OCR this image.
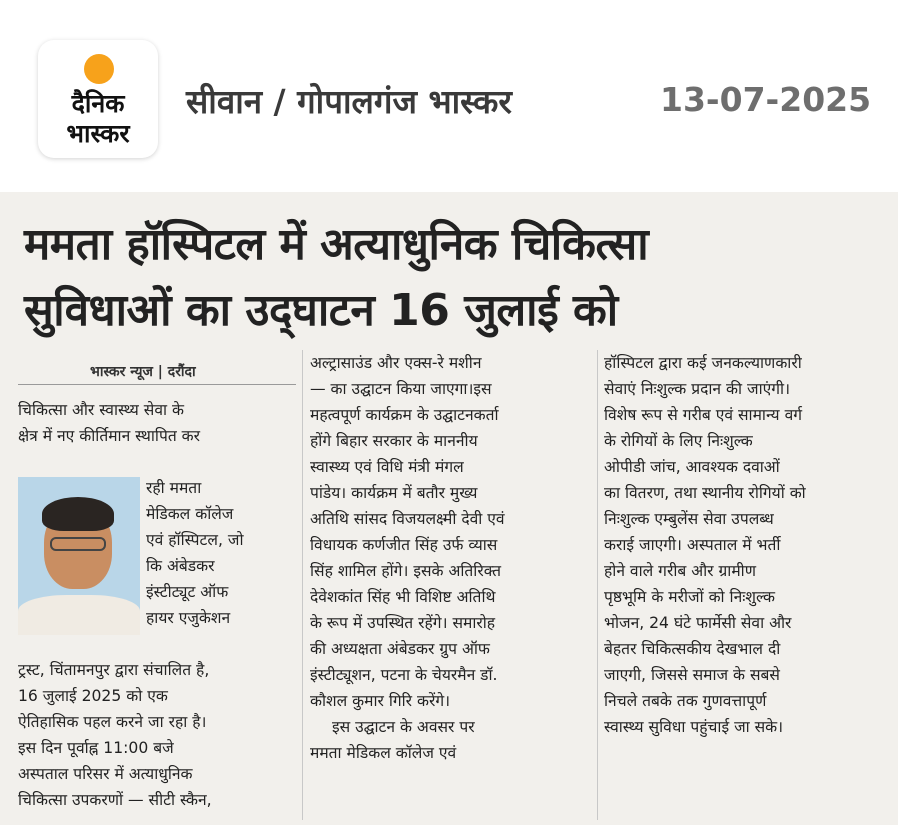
दैनिक
भास्कर
सीवान / गोपालगंज भास्कर	13-07-2025
ममता हॉस्पिटल में अत्याधुनिक चिकित्सा
सुविधाओं का उद्‌घाटन 16 जुलाई को
भास्कर न्यूज | दरौंदा
चिकित्सा और स्वास्थ्य सेवा के
क्षेत्र में नए कीर्तिमान स्थापित कर
रही ममता
मेडिकल कॉलेज
एवं हॉस्पिटल, जो
कि अंबेडकर
इंस्टीट्यूट ऑफ
हायर एजुकेशन
ट्रस्ट, चिंतामनपुर द्वारा संचालित है,
16 जुलाई 2025 को एक
ऐतिहासिक पहल करने जा रहा है।
इस दिन पूर्वाह्न 11:00 बजे
अस्पताल परिसर में अत्याधुनिक
चिकित्सा उपकरणों — सीटी स्कैन,
अल्ट्रासाउंड और एक्स-रे मशीन
— का उद्घाटन किया जाएगा।इस
महत्वपूर्ण कार्यक्रम के उद्घाटनकर्ता
होंगे बिहार सरकार के माननीय
स्वास्थ्य एवं विधि मंत्री मंगल
पांडेय। कार्यक्रम में बतौर मुख्य
अतिथि सांसद विजयलक्ष्मी देवी एवं
विधायक कर्णजीत सिंह उर्फ व्यास
सिंह शामिल होंगे। इसके अतिरिक्त
देवेशकांत सिंह भी विशिष्ट अतिथि
के रूप में उपस्थित रहेंगे। समारोह
की अध्यक्षता अंबेडकर ग्रुप ऑफ
इंस्टीट्यूशन, पटना के चेयरमैन डॉ.
कौशल कुमार गिरि करेंगे।
इस उद्घाटन के अवसर पर
ममता मेडिकल कॉलेज एवं
हॉस्पिटल द्वारा कई जनकल्याणकारी
सेवाएं निःशुल्क प्रदान की जाएंगी।
विशेष रूप से गरीब एवं सामान्य वर्ग
के रोगियों के लिए निःशुल्क
ओपीडी जांच, आवश्यक दवाओं
का वितरण, तथा स्थानीय रोगियों को
निःशुल्क एम्बुलेंस सेवा उपलब्ध
कराई जाएगी। अस्पताल में भर्ती
होने वाले गरीब और ग्रामीण
पृष्ठभूमि के मरीजों को निःशुल्क
भोजन, 24 घंटे फार्मेसी सेवा और
बेहतर चिकित्सकीय देखभाल दी
जाएगी, जिससे समाज के सबसे
निचले तबके तक गुणवत्तापूर्ण
स्वास्थ्य सुविधा पहुंचाई जा सके।
